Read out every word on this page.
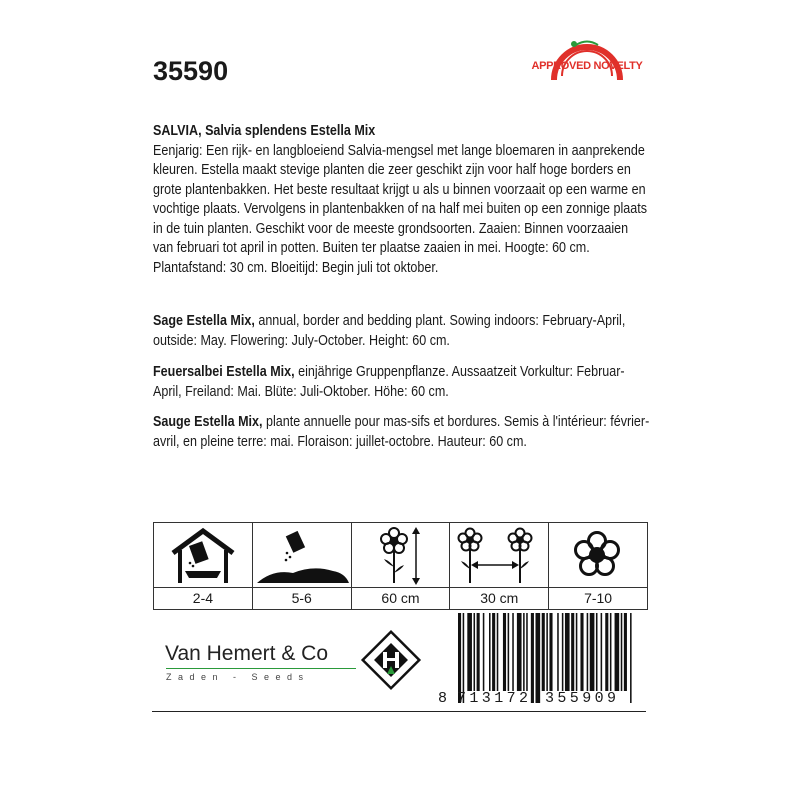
35590	APPROVED NOVELTY
SALVIA, Salvia splendens Estella Mix
Eenjarig: Een rijk- en langbloeiend Salvia-mengsel met lange bloemaren in aanprekende kleuren. Estella maakt stevige planten die zeer geschikt zijn voor half hoge borders en grote plantenbakken. Het beste resultaat krijgt u als u binnen voorzaait op een warme en vochtige plaats. Vervolgens in plantenbakken of na half mei buiten op een zonnige plaats in de tuin planten. Geschikt voor de meeste grondsoorten. Zaaien: Binnen voorzaaien van februari tot april in potten. Buiten ter plaatse zaaien in mei. Hoogte: 60 cm. Plantafstand: 30 cm. Bloeitijd: Begin juli tot oktober.
Sage Estella Mix, annual, border and bedding plant. Sowing indoors: February-April, outside: May. Flowering: July-October. Height: 60 cm.
Feuersalbei Estella Mix, einjährige Gruppenpflanze. Aussaatzeit Vorkultur: Februar-April, Freiland: Mai. Blüte: Juli-Oktober. Höhe: 60 cm.
Sauge Estella Mix, plante annuelle pour mas-sifs et bordures. Semis à l'intérieur: février-avril, en pleine terre: mai. Floraison: juillet-octobre. Hauteur: 60 cm.
2-4	5-6	60 cm	30 cm	7-10
Van Hemert & Co
Zaden - Seeds
8 713172 355909
